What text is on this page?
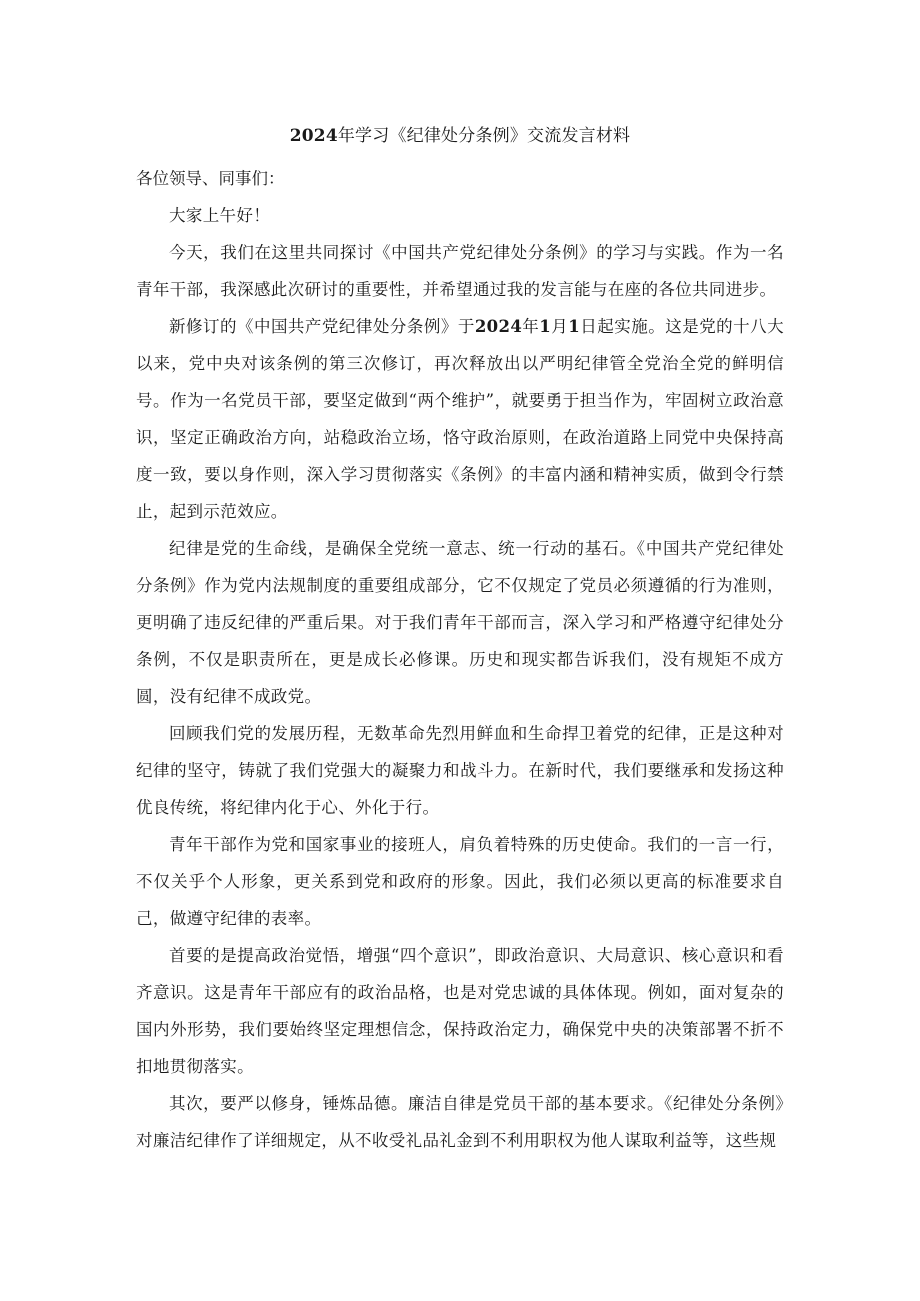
2024年学习《纪律处分条例》交流发言材料

各位领导、同事们：

大家上午好！

今天，我们在这里共同探讨《中国共产党纪律处分条例》的学习与实践。作为一名青年干部，我深感此次研讨的重要性，并希望通过我的发言能与在座的各位共同进步。

新修订的《中国共产党纪律处分条例》于2024年1月1日起实施。这是党的十八大以来，党中央对该条例的第三次修订，再次释放出以严明纪律管全党治全党的鲜明信号。作为一名党员干部，要坚定做到“两个维护”，就要勇于担当作为，牢固树立政治意识，坚定正确政治方向，站稳政治立场，恪守政治原则，在政治道路上同党中央保持高度一致，要以身作则，深入学习贯彻落实《条例》的丰富内涵和精神实质，做到令行禁止，起到示范效应。

纪律是党的生命线，是确保全党统一意志、统一行动的基石。《中国共产党纪律处分条例》作为党内法规制度的重要组成部分，它不仅规定了党员必须遵循的行为准则，更明确了违反纪律的严重后果。对于我们青年干部而言，深入学习和严格遵守纪律处分条例，不仅是职责所在，更是成长必修课。历史和现实都告诉我们，没有规矩不成方圆，没有纪律不成政党。

回顾我们党的发展历程，无数革命先烈用鲜血和生命捍卫着党的纪律，正是这种对纪律的坚守，铸就了我们党强大的凝聚力和战斗力。在新时代，我们要继承和发扬这种优良传统，将纪律内化于心、外化于行。

青年干部作为党和国家事业的接班人，肩负着特殊的历史使命。我们的一言一行，不仅关乎个人形象，更关系到党和政府的形象。因此，我们必须以更高的标准要求自己，做遵守纪律的表率。

首要的是提高政治觉悟，增强“四个意识”，即政治意识、大局意识、核心意识和看齐意识。这是青年干部应有的政治品格，也是对党忠诚的具体体现。例如，面对复杂的国内外形势，我们要始终坚定理想信念，保持政治定力，确保党中央的决策部署不折不扣地贯彻落实。

其次，要严以修身，锤炼品德。廉洁自律是党员干部的基本要求。《纪律处分条例》对廉洁纪律作了详细规定，从不收受礼品礼金到不利用职权为他人谋取利益等，这些规
